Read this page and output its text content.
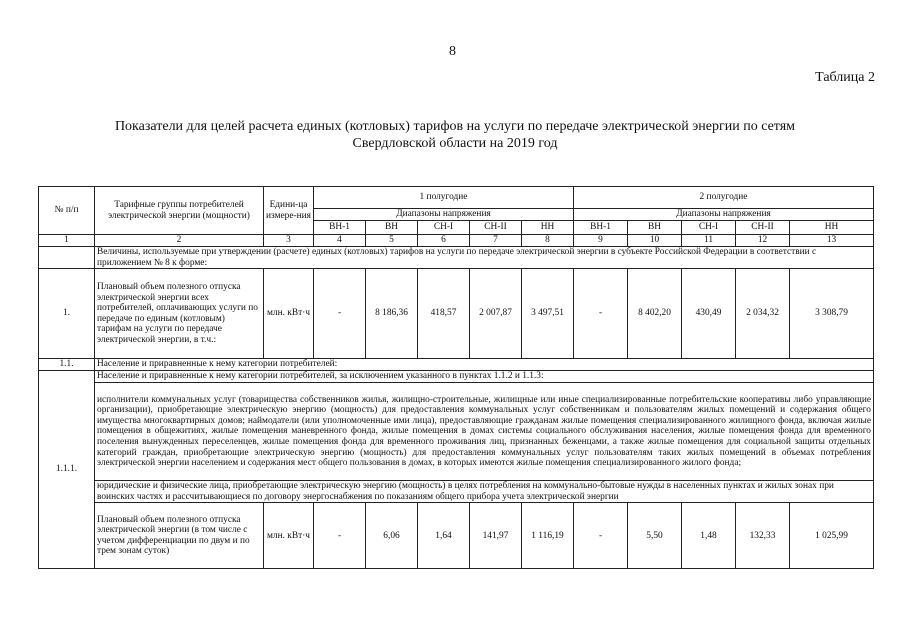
8
Таблица 2
Показатели для целей расчета единых (котловых) тарифов на услуги по передаче электрической энергии по сетям
Свердловской области на 2019 год
№ п/п	Тарифные группы потребителей электрической энергии (мощности)	Едини-ца измере-ния	1 полугодие					2 полугодие				
			Диапазоны напряжения					Диапазоны напряжения				
			ВН-1	ВН	СН-I	СН-II	НН	ВН-1	ВН	СН-I	СН-II	НН
1	2	3	4	5	6	7	8	9	10	11	12	13
	Величины, используемые при утверждении (расчете) единых (котловых) тарифов на услуги по передаче электрической энергии в субъекте Российской Федерации в соответствии с приложением № 8 к форме:											
1.	Плановый объем полезного отпуска электрической энергии всех потребителей, оплачивающих услуги по передаче по единым (котловым) тарифам на услуги по передаче электрической энергии, в т.ч.:	млн. кВт·ч	-	8 186,36	418,57	2 007,87	3 497,51	-	8 402,20	430,49	2 034,32	3 308,79
1.1.	Население и приравненные к нему категории потребителей:											
1.1.1.	Население и приравненные к нему категории потребителей, за исключением указанного в пунктах 1.1.2 и 1.1.3:											
	исполнители коммунальных услуг (товарищества собственников жилья, жилищно-строительные, жилищные или иные специализированные потребительские кооперативы либо управляющие организации), приобретающие электрическую энергию (мощность) для предоставления коммунальных услуг собственникам и пользователям жилых помещений и содержания общего имущества многоквартирных домов; наймодатели (или уполномоченные ими лица), предоставляющие гражданам жилые помещения специализированного жилищного фонда, включая жилые помещения в общежитиях, жилые помещения маневренного фонда, жилые помещения в домах системы социального обслуживания населения, жилые помещения фонда для временного поселения вынужденных переселенцев, жилые помещения фонда для временного проживания лиц, признанных беженцами, а также жилые помещения для социальной защиты отдельных категорий граждан, приобретающие электрическую энергию (мощность) для предоставления коммунальных услуг пользователям таких жилых помещений в объемах потребления электрической энергии населением и содержания мест общего пользования в домах, в которых имеются жилые помещения специализированного жилого фонда;											
	юридические и физические лица, приобретающие электрическую энергию (мощность) в целях потребления на коммунально-бытовые нужды в населенных пунктах и жилых зонах при воинских частях и рассчитывающиеся по договору энергоснабжения по показаниям общего прибора учета электрической энергии											
	Плановый объем полезного отпуска электрической энергии (в том числе с учетом дифференциации по двум и по трем зонам суток)	млн. кВт·ч	-	6,06	1,64	141,97	1 116,19	-	5,50	1,48	132,33	1 025,99
